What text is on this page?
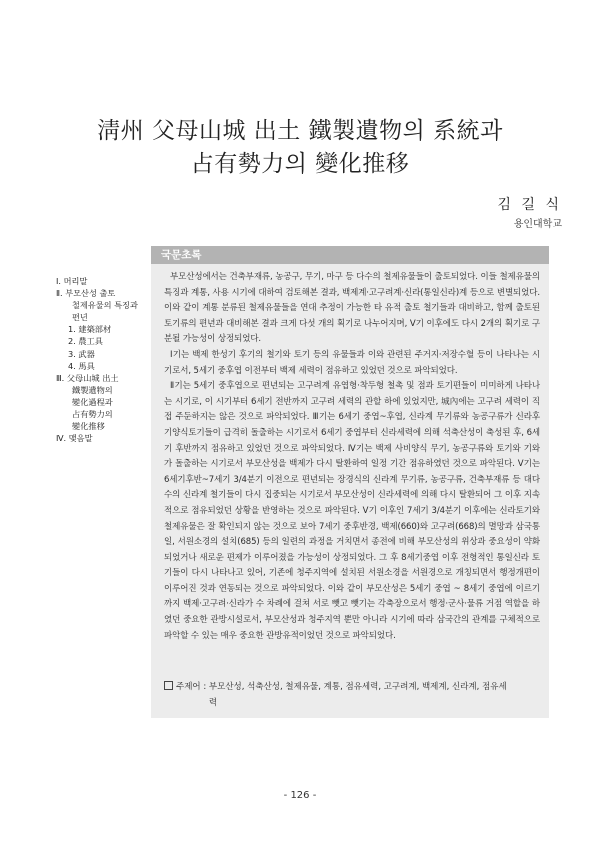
淸州 父母山城 出土 鐵製遺物의 系統과
占有勢力의 變化推移
김 길 식
용인대학교
Ⅰ. 머리말
Ⅱ. 부모산성 출토
철제유물의 특징과
편년
1. 建築部材
2. 農工具
3. 武器
4. 馬具
Ⅲ. 父母山城 出土
鐵製遺物의
變化過程과
占有勢力의
變化推移
Ⅳ. 맺음말
국문초록

부모산성에서는 건축부재류, 농공구, 무기, 마구 등 다수의 철제유물들이 출토되었다. 이들 철제유물의 특징과 계통, 사용 시기에 대하여 검토해본 결과, 백제계·고구려계·신라(통일신라)계 등으로 변별되었다. 이와 같이 계통 분류된 철제유물들을 연대 추정이 가능한 타 유적 출토 철기들과 대비하고, 함께 출토된 토기류의 편년과 대비해본 결과 크게 다섯 개의 획기로 나누어지며, Ⅴ기 이후에도 다시 2개의 획기로 구분될 가능성이 상정되었다.

Ⅰ기는 백제 한성기 후기의 철기와 토기 등의 유물들과 이와 관련된 주거지·저장수혈 등이 나타나는 시기로서, 5세기 중후엽 이전부터 백제 세력이 점유하고 있었던 것으로 파악되었다.

Ⅱ기는 5세기 중후엽으로 편년되는 고구려계 유엽형·착두형 철촉 및 점과 토기편들이 미미하게 나타나는 시기로, 이 시기부터 6세기 전반까지 고구려 세력의 관할 하에 있었지만, 城內에는 고구려 세력이 직접 주둔하지는 않은 것으로 파악되었다. Ⅲ기는 6세기 중엽~후엽, 신라계 무기류와 농공구류가 신라후기양식토기들이 급격히 돌출하는 시기로서 6세기 중엽부터 신라세력에 의해 석축산성이 축성된 후, 6세기 후반까지 점유하고 있었던 것으로 파악되었다. Ⅳ기는 백제 사비양식 무기, 농공구류와 토기와 기와가 돌출하는 시기로서 부모산성을 백제가 다시 탈환하여 일정 기간 점유하였던 것으로 파악된다. Ⅴ기는 6세기후반~7세기 3/4분기 이전으로 편년되는 장경식의 신라계 무기류, 농공구류, 건축부재류 등 대다수의 신라계 철기들이 다시 집중되는 시기로서 부모산성이 신라세력에 의해 다시 탈환되어 그 이후 지속적으로 점유되었던 상황을 반영하는 것으로 파악된다. Ⅴ기 이후인 7세기 3/4분기 이후에는 신라토기와 철제유물은 잘 확인되지 않는 것으로 보아 7세기 중후반경, 백제(660)와 고구려(668)의 멸망과 삼국통일, 서원소경의 설치(685) 등의 일련의 과정을 거치면서 종전에 비해 부모산성의 위상과 중요성이 약화되었거나 새로운 편제가 이루어졌을 가능성이 상정되었다. 그 후 8세기중엽 이후 전형적인 통일신라 토기들이 다시 나타나고 있어, 기존에 청주지역에 설치된 서원소경을 서원경으로 개칭되면서 행정개편이 이루어진 것과 연동되는 것으로 파악되었다. 이와 같이 부모산성은 5세기 중엽 ~ 8세기 중엽에 이르기까지 백제·고구려·신라가 수 차례에 걸쳐 서로 뺏고 뺏기는 각축장으로서 행정·군사·물류 거점 역할을 하였던 중요한 관방시설로서, 부모산성과 청주지역 뿐만 아니라 시기에 따라 삼국간의 관계를 구체적으로 파악할 수 있는 매우 중요한 관방유적이었던 것으로 파악되었다.

주제어 : 부모산성, 석축산성, 철제유물, 계통, 점유세력, 고구려계, 백제계, 신라계, 점유세력
- 126 -
